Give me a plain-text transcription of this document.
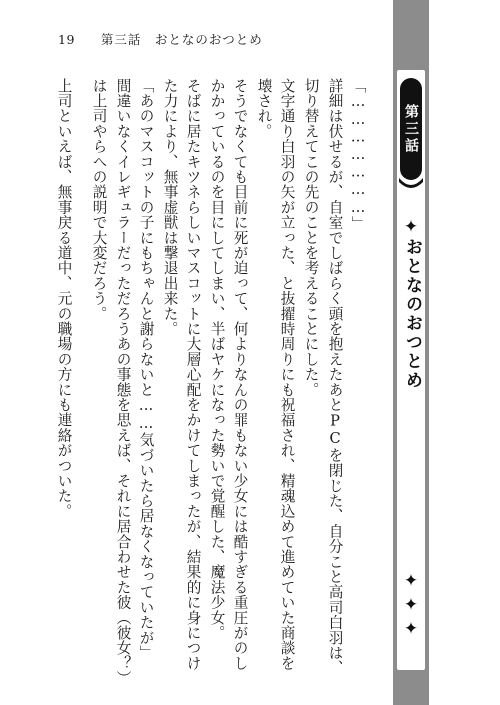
19 第三話　おとなのおつとめ
「…………………」
詳細は伏せるが、自室でしばらく頭を抱えたあとPCを閉じた、自分こと高司白羽は、
切り替えてこの先のことを考えることにした。
文字通り白羽の矢が立った、と抜擢時周りにも祝福され、精魂込めて進めていた商談を
壊され。
そうでなくても目前に死が迫って、何よりなんの罪もない少女には酷すぎる重圧がのし
かかっているのを目にしてしまい、半ばヤケになった勢いで覚醒した、魔法少女。
そばに居たキツネらしいマスコットに大層心配をかけてしまったが、結果的に身につけ
た力により、無事虚獣は撃退出来た。
「あのマスコットの子にもちゃんと謝らないと……気づいたら居なくなっていたが」
間違いなくイレギュラーだっただろうあの事態を思えば、それに居合わせた彼（彼女？）
は上司やらへの説明で大変だろう。
上司といえば、無事戻る道中、元の職場の方にも連絡がついた。	第三話
✦
おとなのおつとめ
✦
✦
✦
